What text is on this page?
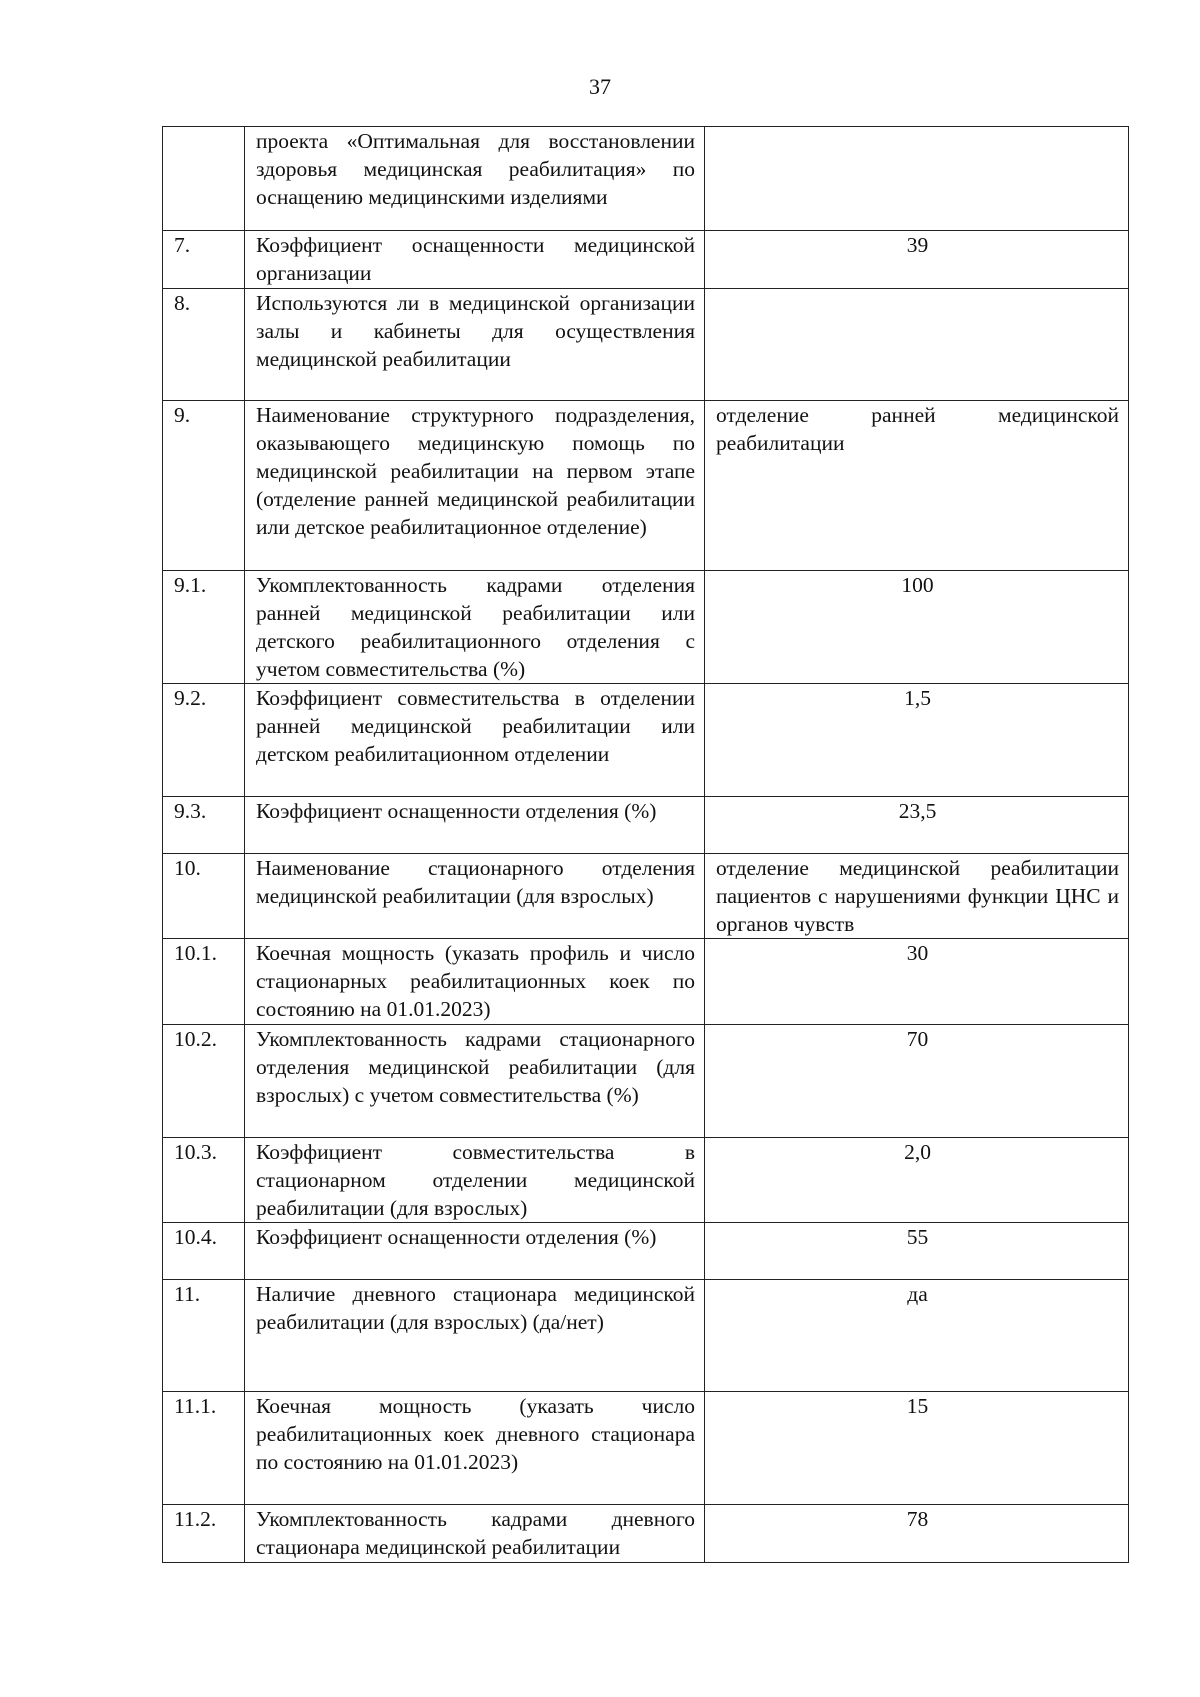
37
	проекта «Оптимальная для восстановлении здоровья медицинская реабилитация» по оснащению медицинскими изделиями	
7.	Коэффициент оснащенности медицинской организации	39
8.	Используются ли в медицинской организации залы и кабинеты для осуществления медицинской реабилитации	
9.	Наименование структурного подразделения, оказывающего медицинскую помощь по медицинской реабилитации на первом этапе (отделение ранней медицинской реабилитации или детское реабилитационное отделение)	отделение ранней медицинской реабилитации
9.1.	Укомплектованность кадрами отделения ранней медицинской реабилитации или детского реабилитационного отделения с учетом совместительства (%)	100
9.2.	Коэффициент совместительства в отделении ранней медицинской реабилитации или детском реабилитационном отделении	1,5
9.3.	Коэффициент оснащенности отделения (%)	23,5
10.	Наименование стационарного отделения медицинской реабилитации (для взрослых)	отделение медицинской реабилитации пациентов с нарушениями функции ЦНС и органов чувств
10.1.	Коечная мощность (указать профиль и число стационарных реабилитационных коек по состоянию на 01.01.2023)	30
10.2.	Укомплектованность кадрами стационарного отделения медицинской реабилитации (для взрослых) с учетом совместительства (%)	70
10.3.	Коэффициент совместительства в стационарном отделении медицинской реабилитации (для взрослых)	2,0
10.4.	Коэффициент оснащенности отделения (%)	55
11.	Наличие дневного стационара медицинской реабилитации (для взрослых) (да/нет)	да
11.1.	Коечная мощность (указать число реабилитационных коек дневного стационара по состоянию на 01.01.2023)	15
11.2.	Укомплектованность кадрами дневного стационара медицинской реабилитации	78
